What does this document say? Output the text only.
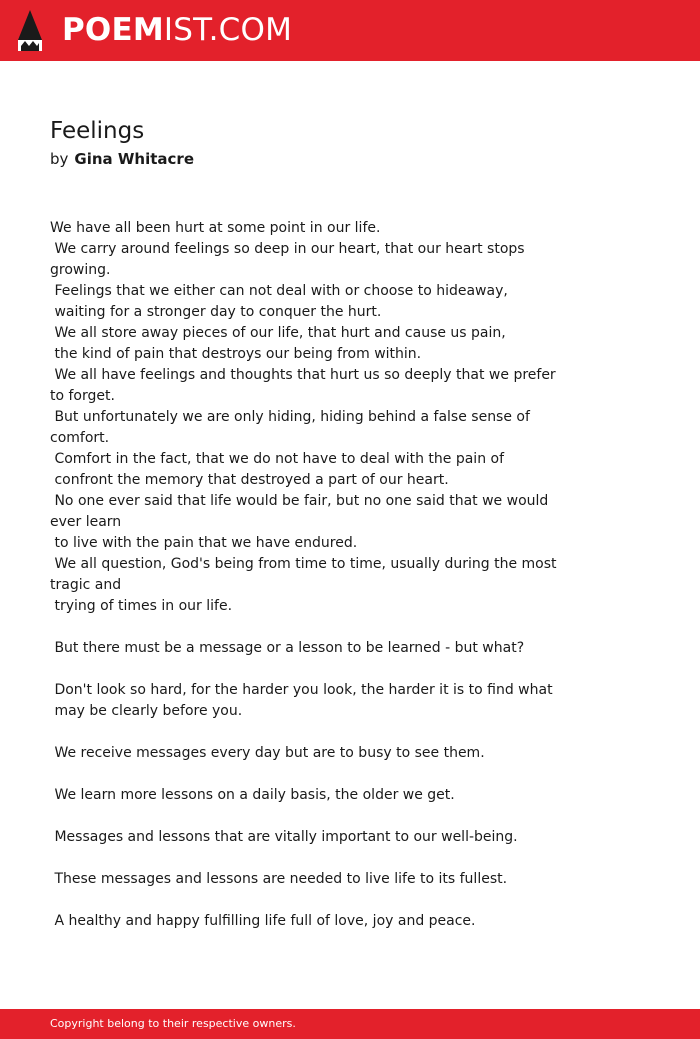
POEMIST.COM
Feelings
by Gina Whitacre
We have all been hurt at some point in our life.
We carry around feelings so deep in our heart, that our heart stops growing.
Feelings that we either can not deal with or choose to hideaway,
waiting for a stronger day to conquer the hurt.
We all store away pieces of our life, that hurt and cause us pain,
the kind of pain that destroys our being from within.
We all have feelings and thoughts that hurt us so deeply that we prefer to forget.
But unfortunately we are only hiding, hiding behind a false sense of comfort.
Comfort in the fact, that we do not have to deal with the pain of
confront the memory that destroyed a part of our heart.
No one ever said that life would be fair, but no one said that we would ever learn
to live with the pain that we have endured.
We all question, God's being from time to time, usually during the most tragic and
trying of times in our life.
But there must be a message or a lesson to be learned - but what?
Don't look so hard, for the harder you look, the harder it is to find what
may be clearly before you.
We receive messages every day but are to busy to see them.
We learn more lessons on a daily basis, the older we get.
Messages and lessons that are vitally important to our well-being.
These messages and lessons are needed to live life to its fullest.
A healthy and happy fulfilling life full of love, joy and peace.
Copyright belong to their respective owners.
